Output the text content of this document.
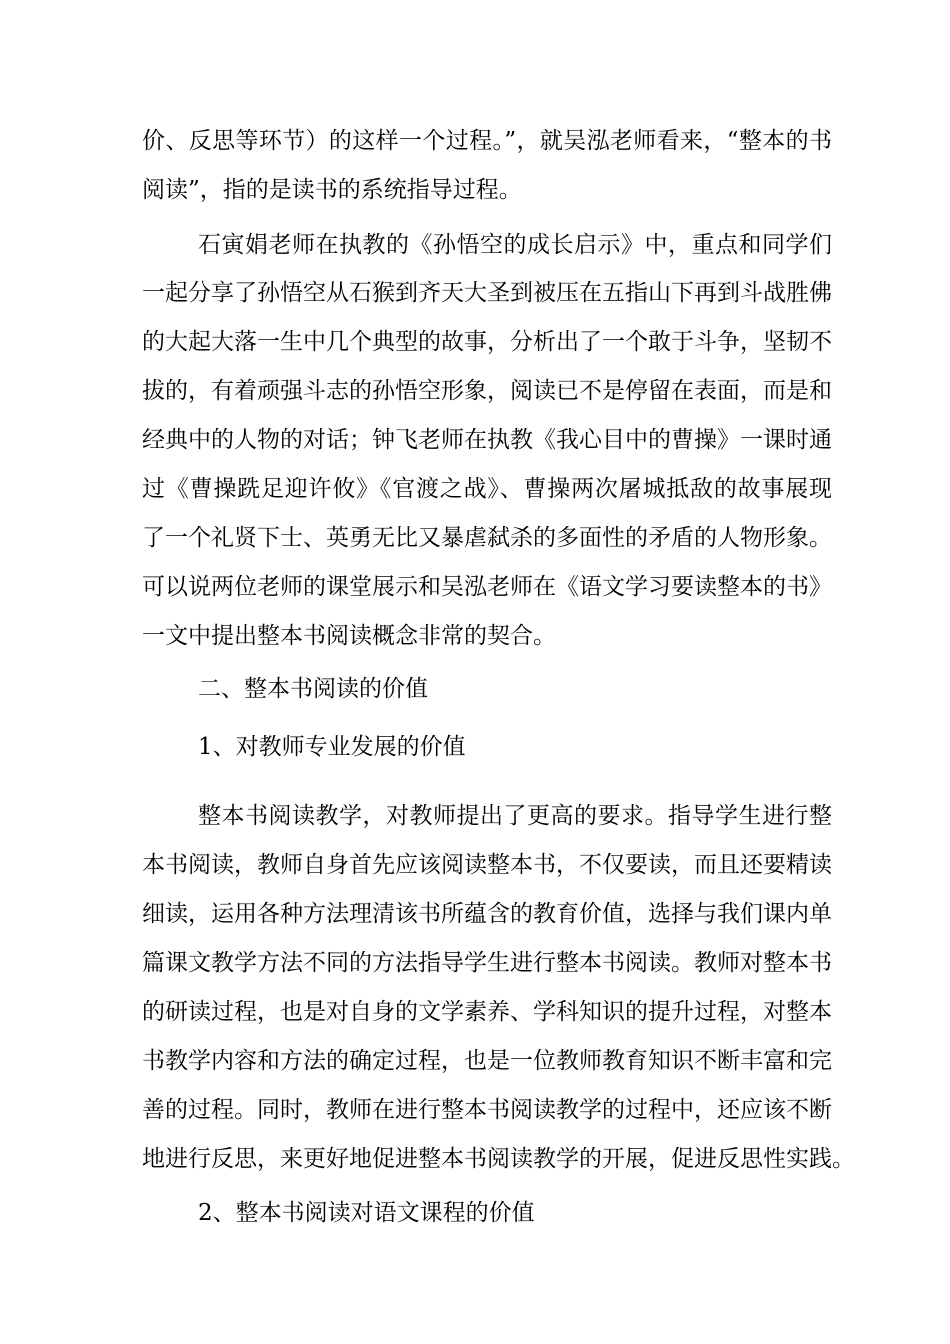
价、反思等环节）的这样一个过程。”，就吴泓老师看来，“整本的书
阅读”，指的是读书的系统指导过程。
石寅娟老师在执教的《孙悟空的成长启示》中，重点和同学们
一起分享了孙悟空从石猴到齐天大圣到被压在五指山下再到斗战胜佛
的大起大落一生中几个典型的故事，分析出了一个敢于斗争，坚韧不
拔的，有着顽强斗志的孙悟空形象，阅读已不是停留在表面，而是和
经典中的人物的对话；钟飞老师在执教《我心目中的曹操》一课时通
过《曹操跣足迎许攸》《官渡之战》、曹操两次屠城抵敌的故事展现
了一个礼贤下士、英勇无比又暴虐弑杀的多面性的矛盾的人物形象。
可以说两位老师的课堂展示和吴泓老师在《语文学习要读整本的书》
一文中提出整本书阅读概念非常的契合。
二、整本书阅读的价值
1、对教师专业发展的价值
整本书阅读教学，对教师提出了更高的要求。指导学生进行整
本书阅读，教师自身首先应该阅读整本书，不仅要读，而且还要精读
细读，运用各种方法理清该书所蕴含的教育价值，选择与我们课内单
篇课文教学方法不同的方法指导学生进行整本书阅读。教师对整本书
的研读过程，也是对自身的文学素养、学科知识的提升过程，对整本
书教学内容和方法的确定过程，也是一位教师教育知识不断丰富和完
善的过程。同时，教师在进行整本书阅读教学的过程中，还应该不断
地进行反思，来更好地促进整本书阅读教学的开展，促进反思性实践。
2、整本书阅读对语文课程的价值
